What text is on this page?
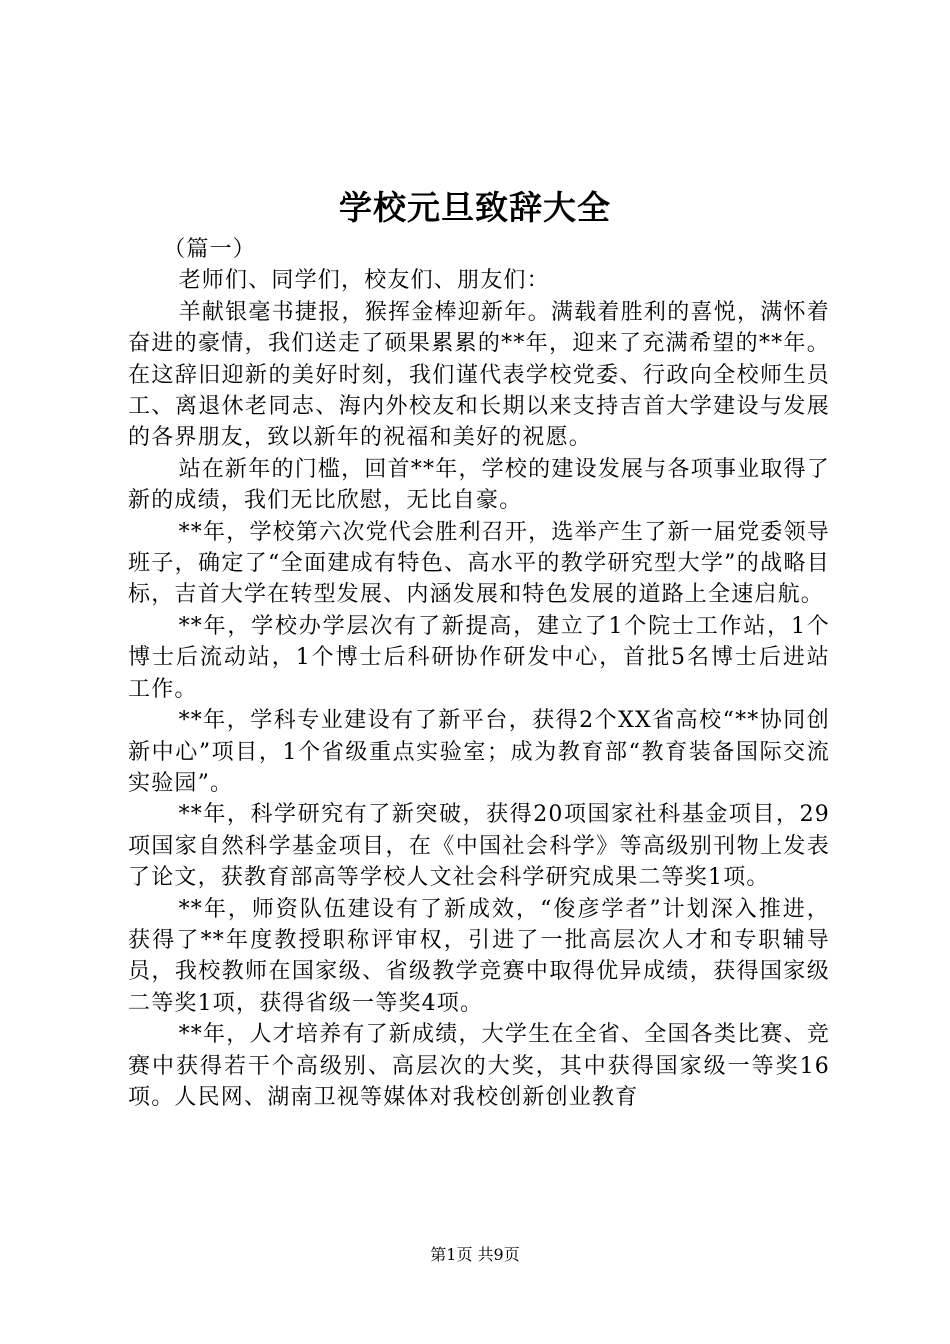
学校元旦致辞大全

（篇一）

老师们、同学们，校友们、朋友们：

羊献银毫书捷报，猴挥金棒迎新年。满载着胜利的喜悦，满怀着奋进的豪情，我们送走了硕果累累的**年，迎来了充满希望的**年。在这辞旧迎新的美好时刻，我们谨代表学校党委、行政向全校师生员工、离退休老同志、海内外校友和长期以来支持吉首大学建设与发展的各界朋友，致以新年的祝福和美好的祝愿。

站在新年的门槛，回首**年，学校的建设发展与各项事业取得了新的成绩，我们无比欣慰，无比自豪。

**年，学校第六次党代会胜利召开，选举产生了新一届党委领导班子，确定了“全面建成有特色、高水平的教学研究型大学”的战略目标，吉首大学在转型发展、内涵发展和特色发展的道路上全速启航。

**年，学校办学层次有了新提高，建立了1个院士工作站，1个博士后流动站，1个博士后科研协作研发中心，首批5名博士后进站工作。

**年，学科专业建设有了新平台，获得2个XX省高校“**协同创新中心”项目，1个省级重点实验室；成为教育部“教育装备国际交流实验园”。

**年，科学研究有了新突破，获得20项国家社科基金项目，29项国家自然科学基金项目，在《中国社会科学》等高级别刊物上发表了论文，获教育部高等学校人文社会科学研究成果二等奖1项。

**年，师资队伍建设有了新成效，“俊彦学者”计划深入推进，获得了**年度教授职称评审权，引进了一批高层次人才和专职辅导员，我校教师在国家级、省级教学竞赛中取得优异成绩，获得国家级二等奖1项，获得省级一等奖4项。

**年，人才培养有了新成绩，大学生在全省、全国各类比赛、竞赛中获得若干个高级别、高层次的大奖，其中获得国家级一等奖16项。人民网、湖南卫视等媒体对我校创新创业教育

第1页 共9页
